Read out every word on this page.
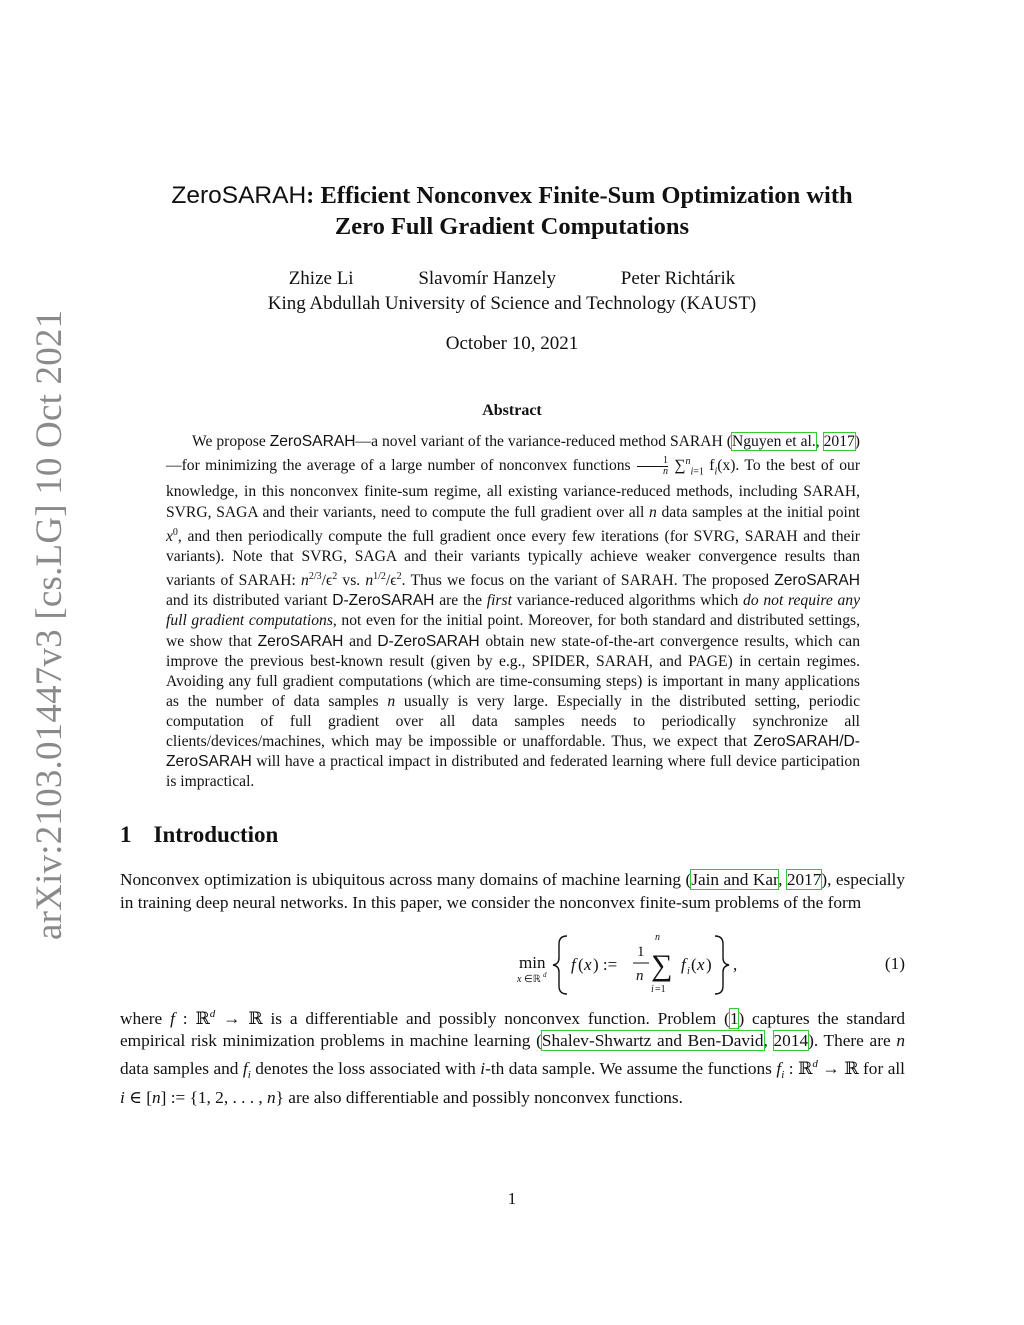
arXiv:2103.01447v3 [cs.LG] 10 Oct 2021
ZeroSARAH: Efficient Nonconvex Finite-Sum Optimization with
Zero Full Gradient Computations
Zhize Li	Slavomír Hanzely	Peter Richtárik
King Abdullah University of Science and Technology (KAUST)
October 10, 2021
Abstract
We propose ZeroSARAH—a novel variant of the variance-reduced method SARAH (Nguyen et al., 2017)—for minimizing the average of a large number of nonconvex functions $\frac{1}{n} \sum^n_{i=1}$ $f_i(x)$. To the best of our knowledge, in this nonconvex finite-sum regime, all existing variance-reduced methods, including SARAH, SVRG, SAGA and their variants, need to compute the full gradient over all n data samples at the initial point $x^0$, and then periodically compute the full gradient once every few iterations (for SVRG, SARAH and their variants). Note that SVRG, SAGA and their variants typically achieve weaker convergence results than variants of SARAH: $n^{2/3}/\epsilon^2$ vs. $n^{1/2}/\epsilon^2$. Thus we focus on the variant of SARAH. The proposed ZeroSARAH and its distributed variant D-ZeroSARAH are the first variance-reduced algorithms which do not require any full gradient computations, not even for the initial point. Moreover, for both standard and distributed settings, we show that ZeroSARAH and D-ZeroSARAH obtain new state-of-the-art convergence results, which can improve the previous best-known result (given by e.g., SPIDER, SARAH, and PAGE) in certain regimes. Avoiding any full gradient computations (which are time-consuming steps) is important in many applications as the number of data samples n usually is very large. Especially in the distributed setting, periodic computation of full gradient over all data samples needs to periodically synchronize all clients/devices/machines, which may be impossible or unaffordable. Thus, we expect that ZeroSARAH/D-ZeroSARAH will have a practical impact in distributed and federated learning where full device participation is impractical.
1 Introduction
Nonconvex optimization is ubiquitous across many domains of machine learning (Jain and Kar, 2017), especially in training deep neural networks. In this paper, we consider the nonconvex finite-sum problems of the form
min
x ∈ℝ d
f ( x ) :=
1
n
n
∑
i =1
f i ( x ) ,	(1)
where f : ℝ$^d$ → ℝ is a differentiable and possibly nonconvex function. Problem (1) captures the standard empirical risk minimization problems in machine learning (Shalev-Shwartz and Ben-David, 2014). There are n data samples and $f_i$ denotes the loss associated with i-th data sample. We assume the functions $f_i$ : ℝ$^d$ → ℝ for all i ∈ [n] := {1, 2, . . . , n} are also differentiable and possibly nonconvex functions.
1
